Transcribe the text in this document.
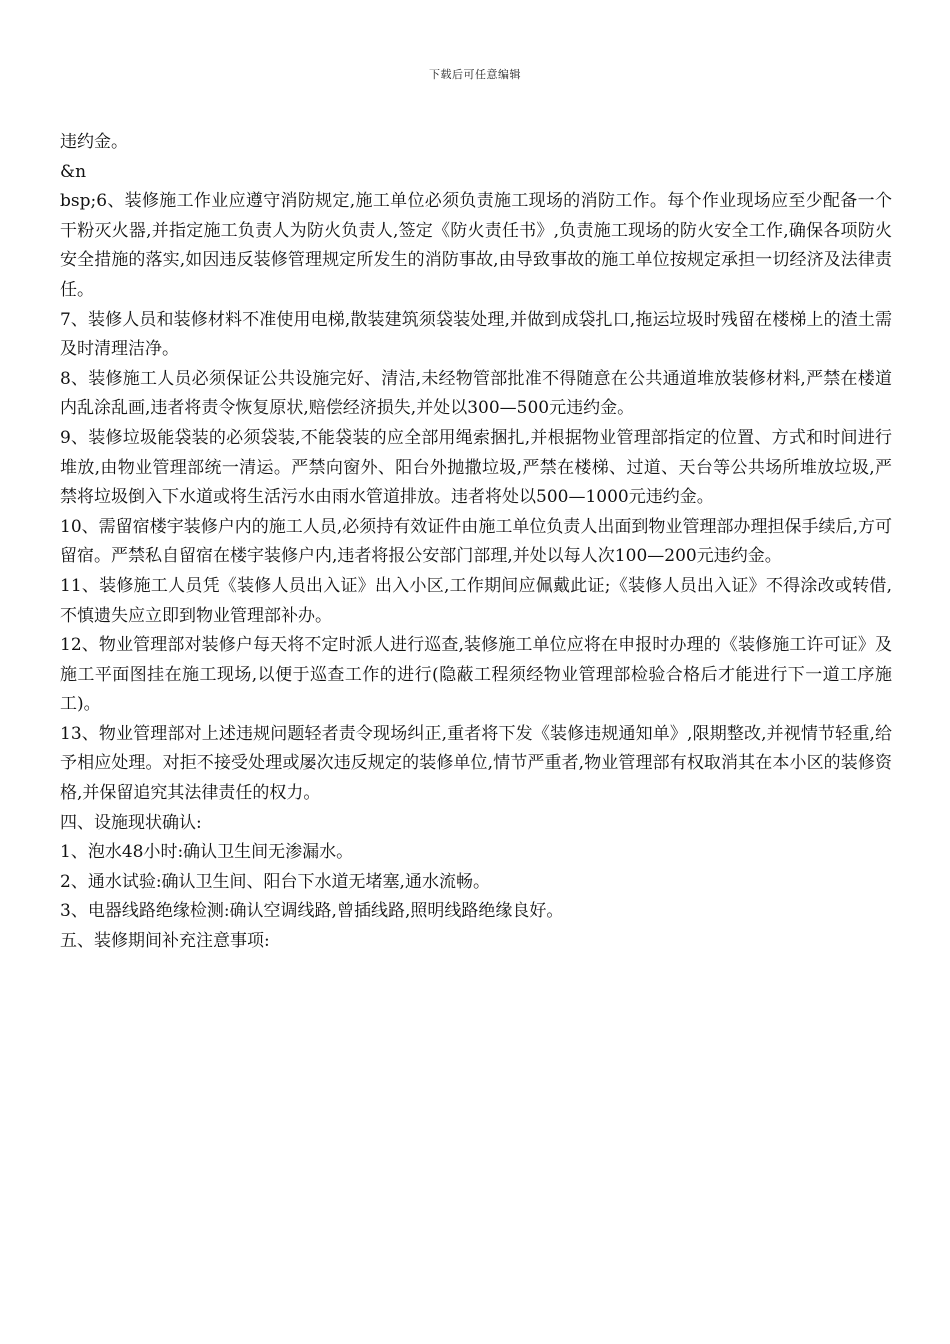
下载后可任意编辑

违约金。

&n

bsp;6、装修施工作业应遵守消防规定,施工单位必须负责施工现场的消防工作。每个作业现场应至少配备一个干粉灭火器,并指定施工负责人为防火负责人,签定《防火责任书》,负责施工现场的防火安全工作,确保各项防火安全措施的落实,如因违反装修管理规定所发生的消防事故,由导致事故的施工单位按规定承担一切经济及法律责任。

7、装修人员和装修材料不准使用电梯,散装建筑须袋装处理,并做到成袋扎口,拖运垃圾时残留在楼梯上的渣土需及时清理洁净。

8、装修施工人员必须保证公共设施完好、清洁,未经物管部批准不得随意在公共通道堆放装修材料,严禁在楼道内乱涂乱画,违者将责令恢复原状,赔偿经济损失,并处以300—500元违约金。

9、装修垃圾能袋装的必须袋装,不能袋装的应全部用绳索捆扎,并根据物业管理部指定的位置、方式和时间进行堆放,由物业管理部统一清运。严禁向窗外、阳台外抛撒垃圾,严禁在楼梯、过道、天台等公共场所堆放垃圾,严禁将垃圾倒入下水道或将生活污水由雨水管道排放。违者将处以500—1000元违约金。

10、需留宿楼宇装修户内的施工人员,必须持有效证件由施工单位负责人出面到物业管理部办理担保手续后,方可留宿。严禁私自留宿在楼宇装修户内,违者将报公安部门部理,并处以每人次100—200元违约金。

11、装修施工人员凭《装修人员出入证》出入小区,工作期间应佩戴此证;《装修人员出入证》不得涂改或转借,不慎遗失应立即到物业管理部补办。

12、物业管理部对装修户每天将不定时派人进行巡查,装修施工单位应将在申报时办理的《装修施工许可证》及施工平面图挂在施工现场,以便于巡查工作的进行(隐蔽工程须经物业管理部检验合格后才能进行下一道工序施工)。

13、物业管理部对上述违规问题轻者责令现场纠正,重者将下发《装修违规通知单》,限期整改,并视情节轻重,给予相应处理。对拒不接受处理或屡次违反规定的装修单位,情节严重者,物业管理部有权取消其在本小区的装修资格,并保留追究其法律责任的权力。

四、设施现状确认:

1、泡水48小时:确认卫生间无渗漏水。

2、通水试验:确认卫生间、阳台下水道无堵塞,通水流畅。

3、电器线路绝缘检测:确认空调线路,曾插线路,照明线路绝缘良好。

五、装修期间补充注意事项:
